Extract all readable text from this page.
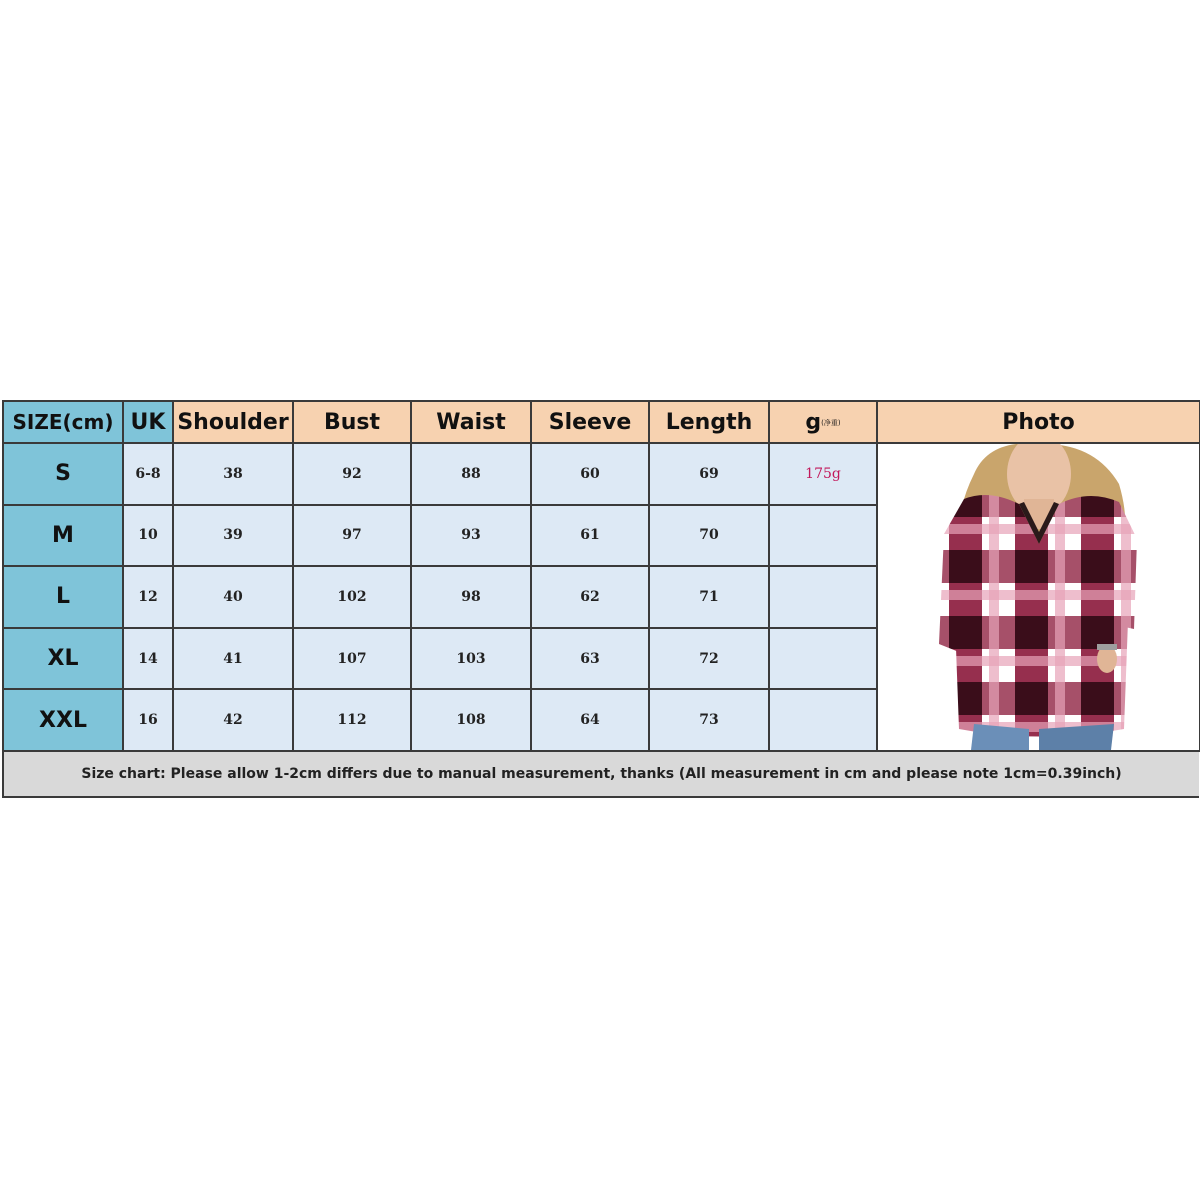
SIZE(cm)	UK	Shoulder	Bust	Waist	Sleeve	Length	g(净重)	Photo
S	6-8	38	92	88	60	69	175g	

M	10	39	97	93	61	70		
L	12	40	102	98	62	71		
XL	14	41	107	103	63	72		
XXL	16	42	112	108	64	73		
Size chart: Please allow 1-2cm differs due to manual measurement, thanks (All measurement in cm and please note 1cm=0.39inch)
